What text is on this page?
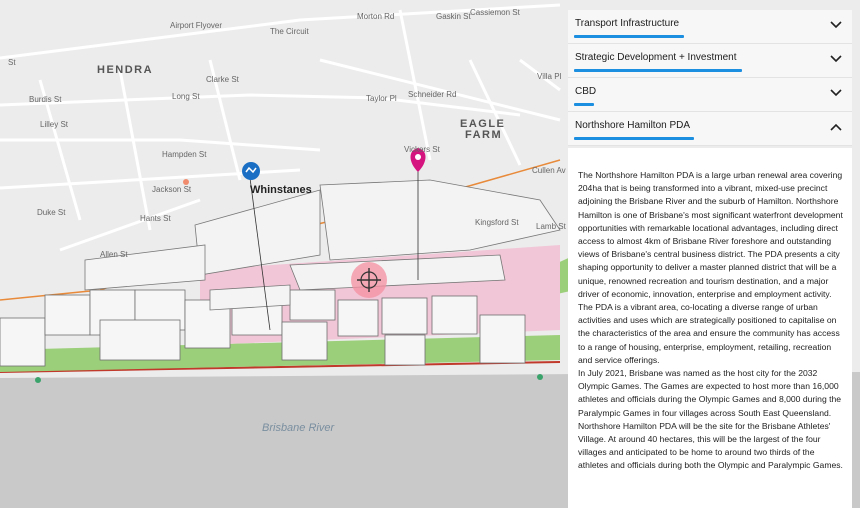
HENDRA
EAGLE
FARM
Airport Flyover
The Circuit
Morton Rd	Gaskin St Cassiemon St
Clarke St
Long St	Taylor Pl Schneider Rd
Villa Pl
Lilley St
Burdis St
Hampden St
Jackson St
Hants St
Duke St
Allen St
Cullen Av
Vickers St
Lamb St
Kingsford St
St
Whinstanes
Brisbane River
Transport Infrastructure
Strategic Development + Investment
CBD
Northshore Hamilton PDA

The Northshore Hamilton PDA is a large urban renewal area covering 204ha that is being transformed into a vibrant, mixed-use precinct adjoining the Brisbane River and the suburb of Hamilton. Northshore Hamilton is one of Brisbane's most significant waterfront development opportunities with remarkable locational advantages, including direct access to almost 4km of Brisbane River foreshore and outstanding views of Brisbane's central business district. The PDA presents a city shaping opportunity to deliver a master planned district that will be a unique, renowned recreation and tourism destination, and a major driver of economic, innovation, enterprise and employment activity. The PDA is a vibrant area, co-locating a diverse range of urban activities and uses which are strategically positioned to capitalise on the characteristics of the area and ensure the community has access to a range of housing, enterprise, employment, retailing, recreation and service offerings.

In July 2021, Brisbane was named as the host city for the 2032 Olympic Games. The Games are expected to host more than 16,000 athletes and officials during the Olympic Games and 8,000 during the Paralympic Games in four villages across South East Queensland. Northshore Hamilton PDA will be the site for the Brisbane Athletes' Village. At around 40 hectares, this will be the largest of the four villages and anticipated to be home to around two thirds of the athletes and officials during both the Olympic and Paralympic Games.
